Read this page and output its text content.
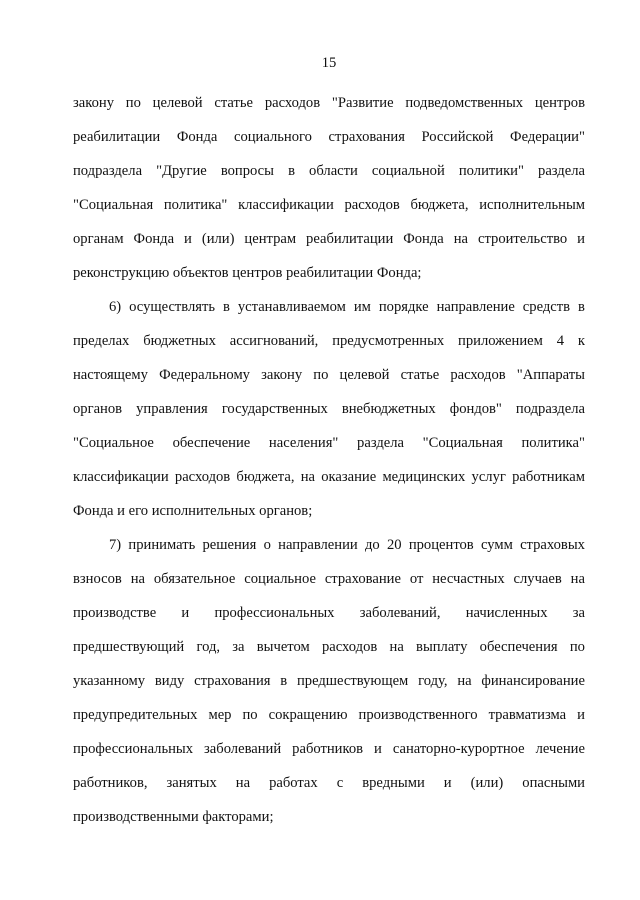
15
закону по целевой статье расходов "Развитие подведомственных центров
реабилитации Фонда социального страхования Российской Федерации"
подраздела "Другие вопросы в области социальной политики" раздела
"Социальная политика" классификации расходов бюджета, исполнительным
органам Фонда и (или) центрам реабилитации Фонда на строительство и
реконструкцию объектов центров реабилитации Фонда;
6) осуществлять в устанавливаемом им порядке направление средств в
пределах бюджетных ассигнований, предусмотренных приложением 4 к
настоящему Федеральному закону по целевой статье расходов "Аппараты
органов управления государственных внебюджетных фондов" подраздела
"Социальное обеспечение населения" раздела "Социальная политика"
классификации расходов бюджета, на оказание медицинских услуг работникам
Фонда и его исполнительных органов;
7) принимать решения о направлении до 20 процентов сумм страховых
взносов на обязательное социальное страхование от несчастных случаев на
производстве и профессиональных заболеваний, начисленных за
предшествующий год, за вычетом расходов на выплату обеспечения по
указанному виду страхования в предшествующем году, на финансирование
предупредительных мер по сокращению производственного травматизма и
профессиональных заболеваний работников и санаторно-курортное лечение
работников, занятых на работах с вредными и (или) опасными
производственными факторами;
